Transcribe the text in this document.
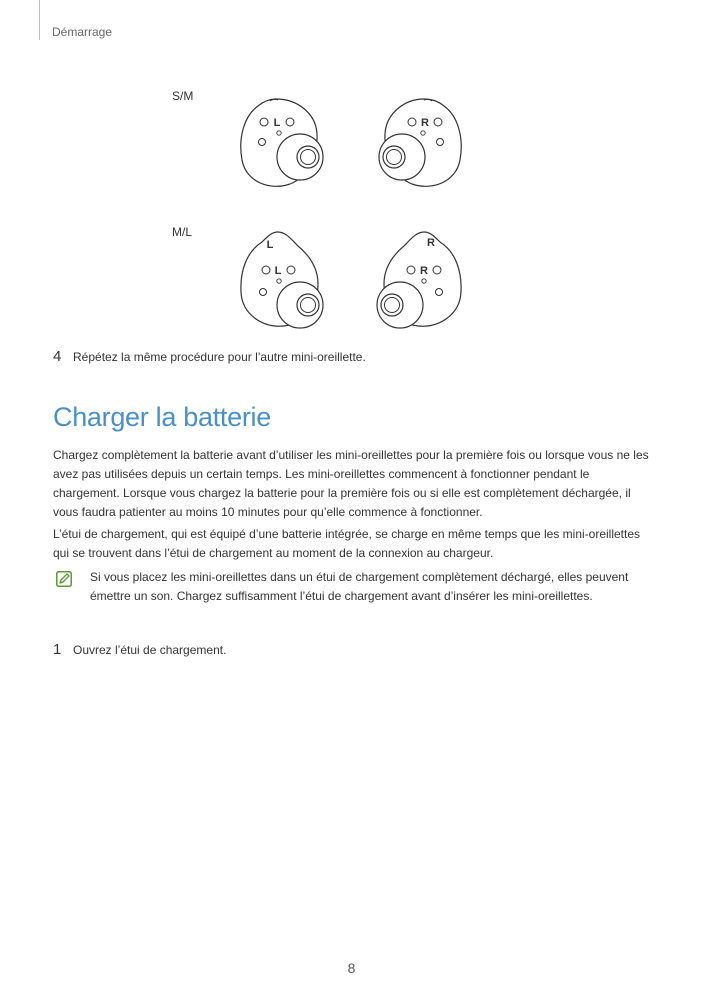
Démarrage
S/M
L	R
M/L
L
L
R
R
4 Répétez la même procédure pour l’autre mini-oreillette.
Charger la batterie
Chargez complètement la batterie avant d’utiliser les mini-oreillettes pour la première fois ou lorsque vous ne les avez pas utilisées depuis un certain temps. Les mini-oreillettes commencent à fonctionner pendant le chargement. Lorsque vous chargez la batterie pour la première fois ou si elle est complètement déchargée, il vous faudra patienter au moins 10 minutes pour qu’elle commence à fonctionner.
L’étui de chargement, qui est équipé d’une batterie intégrée, se charge en même temps que les mini-oreillettes qui se trouvent dans l’étui de chargement au moment de la connexion au chargeur.
Si vous placez les mini-oreillettes dans un étui de chargement complètement déchargé, elles peuvent émettre un son. Chargez suffisamment l’étui de chargement avant d’insérer les mini-oreillettes.
1 Ouvrez l’étui de chargement.
8
